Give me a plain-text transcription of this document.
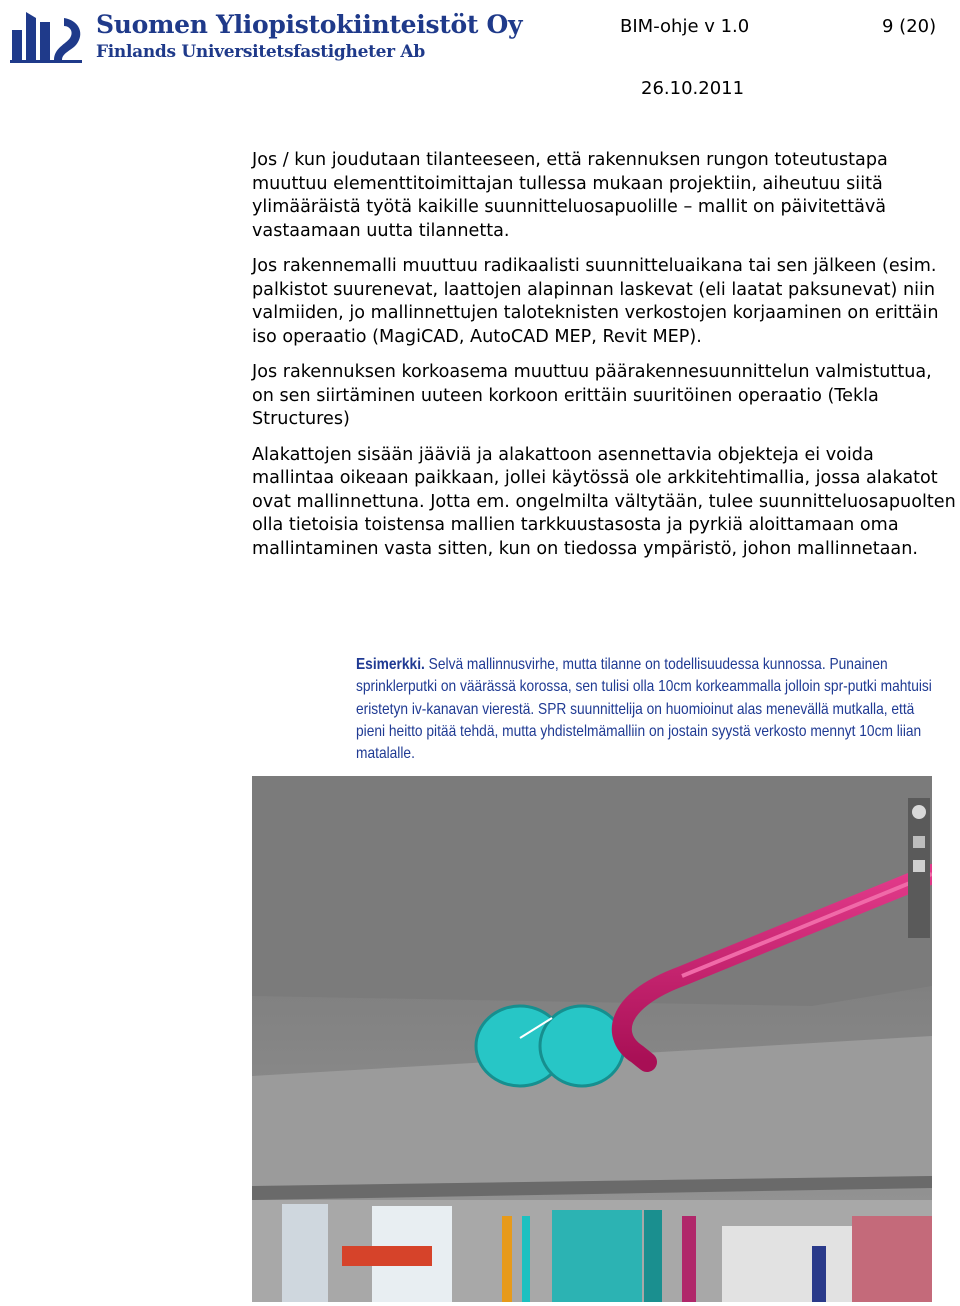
Suomen Yliopistokiinteistöt Oy
Finlands Universitetsfastigheter Ab
BIM-ohje v 1.0	9 (20)
26.10.2011

Jos / kun joudutaan tilanteeseen, että rakennuksen rungon toteutustapa muuttuu elementtitoimittajan tullessa mukaan projektiin, aiheutuu siitä ylimääräistä työtä kaikille suunnitteluosapuolille – mallit on päivitettävä vastaamaan uutta tilannetta.

Jos rakennemalli muuttuu radikaalisti suunnitteluaikana tai sen jälkeen (esim. palkistot suurenevat, laattojen alapinnan laskevat (eli laatat paksunevat) niin valmiiden, jo mallinnettujen taloteknisten verkostojen korjaaminen on erittäin iso operaatio (MagiCAD, AutoCAD MEP, Revit MEP).

Jos rakennuksen korkoasema muuttuu päärakennesuunnittelun valmistuttua, on sen siirtäminen uuteen korkoon erittäin suuritöinen operaatio (Tekla Structures)

Alakattojen sisään jääviä ja alakattoon asennettavia objekteja ei voida mallintaa oikeaan paikkaan, jollei käytössä ole arkkitehtimallia, jossa alakatot ovat mallinnettuna. Jotta em. ongelmilta vältytään, tulee suunnitteluosapuolten olla tietoisia toistensa mallien tarkkuustasosta ja pyrkiä aloittamaan oma mallintaminen vasta sitten, kun on tiedossa ympäristö, johon mallinnetaan.

Esimerkki. Selvä mallinnusvirhe, mutta tilanne on todellisuudessa kunnossa. Punainen sprinklerputki on väärässä korossa, sen tulisi olla 10cm korkeammalla jolloin spr-putki mahtuisi eristetyn iv-kanavan vierestä. SPR suunnittelija on huomioinut alas menevällä mutkalla, että pieni heitto pitää tehdä, mutta yhdistelmämalliin on jostain syystä verkosto mennyt 10cm liian matalalle.
